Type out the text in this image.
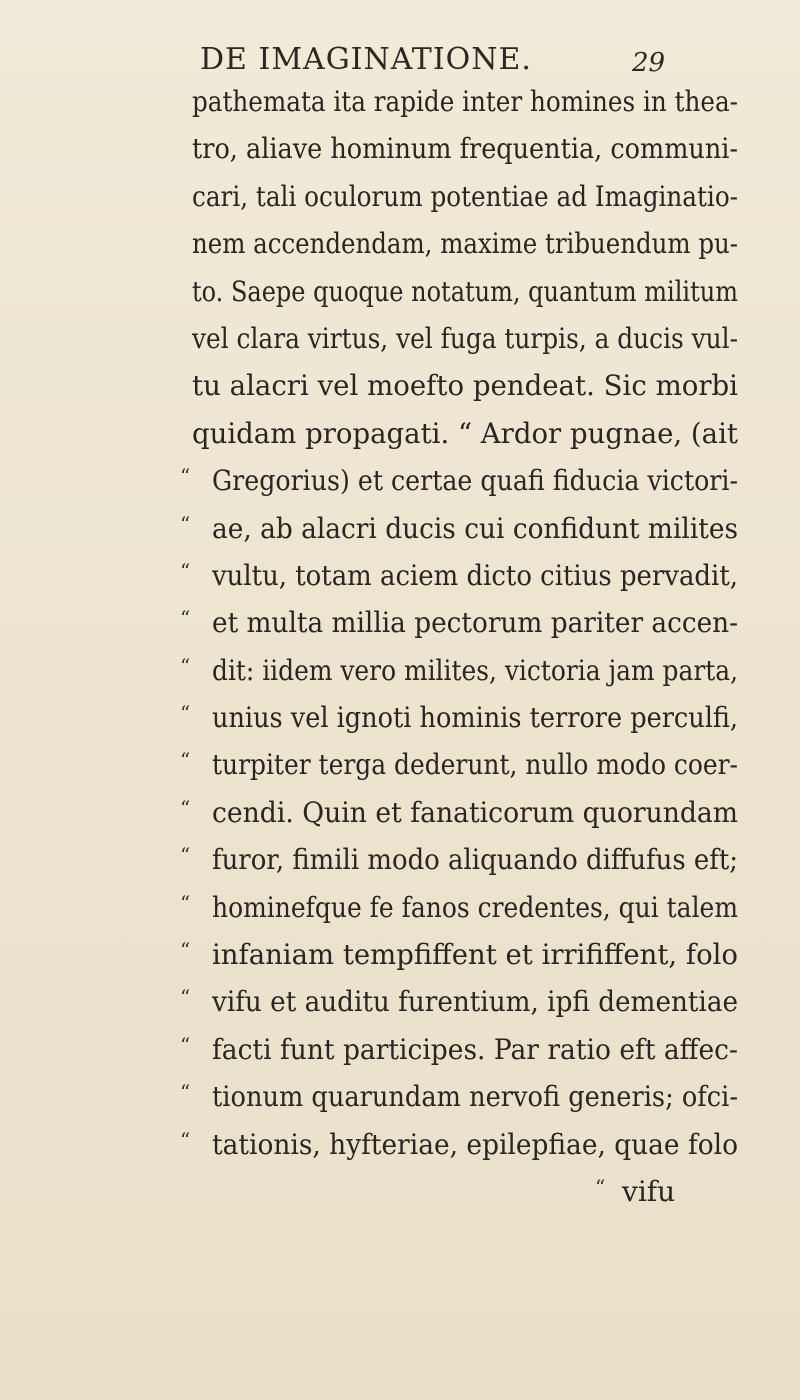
DE IMAGINATIONE.	29
pathemata ita rapide inter homines in thea-
tro, aliave hominum frequentia, communi-
cari, tali oculorum potentiae ad Imaginatio-
nem accendendam, maxime tribuendum pu-
to. Saepe quoque notatum, quantum militum
vel clara virtus, vel fuga turpis, a ducis vul-
tu alacri vel moefto pendeat. Sic morbi
quidam propagati. “ Ardor pugnae, (ait
“ Gregorius) et certae quafi fiducia victori-
“ ae, ab alacri ducis cui confidunt milites
“ vultu, totam aciem dicto citius pervadit,
“ et multa millia pectorum pariter accen-
“ dit: iidem vero milites, victoria jam parta,
“ unius vel ignoti hominis terrore perculfi,
“ turpiter terga dederunt, nullo modo coer-
“ cendi. Quin et fanaticorum quorundam
“ furor, fimili modo aliquando diffufus eft;
“ hominefque fe fanos credentes, qui talem
“ infaniam tempfiffent et irrififfent, folo
“ vifu et auditu furentium, ipfi dementiae
“ facti funt participes. Par ratio eft affec-
“ tionum quarundam nervofi generis; ofci-
“ tationis, hyfteriae, epilepfiae, quae folo
“ vifu
